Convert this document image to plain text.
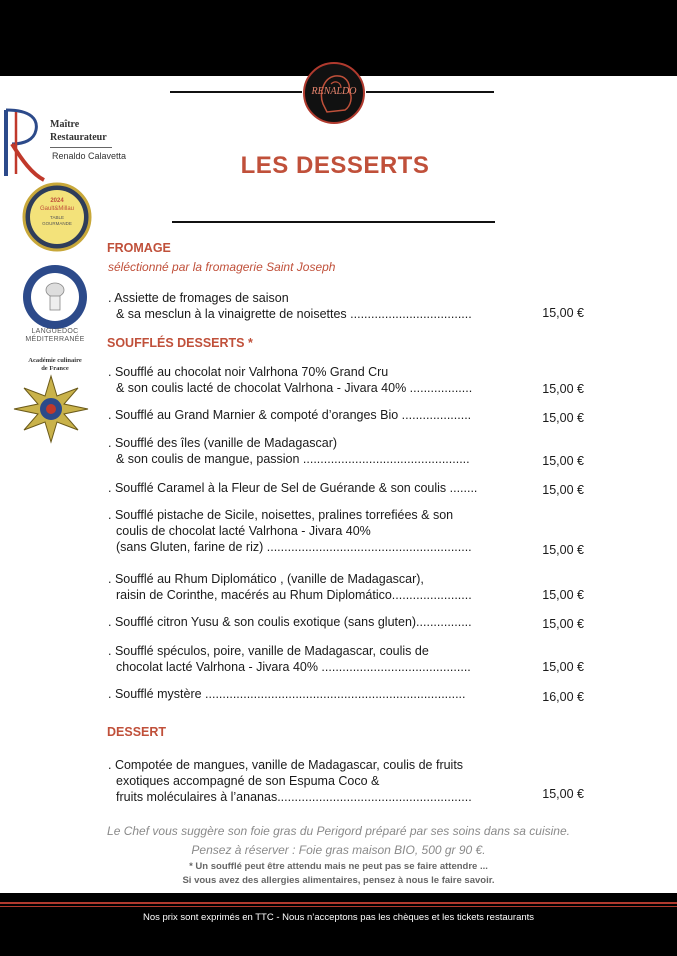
RENALDO
LES DESSERTS
Maître
Restaurateur
Renaldo Calavetta
2024
Gault&Millau
TABLE
GOURMANDE
LANGUEDOC
MÉDITERRANÉE
Académie culinaire
de France
FROMAGE
séléctionné par la fromagerie Saint Joseph
. Assiette de fromages de saison
& sa mesclun à la vinaigrette de noisettes ...................................	15,00 €
SOUFFLÉS DESSERTS *
. Soufflé au chocolat noir Valrhona 70% Grand Cru
& son coulis lacté de chocolat Valrhona - Jivara 40% ..................	15,00 €
. Soufflé au Grand Marnier & compoté d’oranges Bio ....................	15,00 €
. Soufflé des îles (vanille de Madagascar)
& son coulis de mangue, passion ................................................	15,00 €
. Soufflé Caramel à la Fleur de Sel de Guérande & son coulis ........	15,00 €
. Soufflé pistache de Sicile, noisettes, pralines torrefiées & son
coulis de chocolat lacté Valrhona - Jivara 40%
(sans Gluten, farine de riz) ...........................................................	15,00 €
. Soufflé au Rhum Diplomático , (vanille de Madagascar),
raisin de Corinthe, macérés au Rhum Diplomático.......................	15,00 €
. Soufflé citron Yusu & son coulis exotique (sans gluten)................	15,00 €
. Soufflé spéculos, poire, vanille de Madagascar, coulis de
chocolat lacté Valrhona - Jivara 40% ...........................................	15,00 €
. Soufflé mystère ...........................................................................	16,00 €
DESSERT
. Compotée de mangues, vanille de Madagascar, coulis de fruits
exotiques accompagné de son Espuma Coco &
fruits moléculaires à l’ananas........................................................	15,00 €
Le Chef vous suggère son foie gras du Perigord préparé par ses soins dans sa cuisine.
Pensez à réserver : Foie gras maison BIO, 500 gr 90 €.
* Un soufflé peut être attendu mais ne peut pas se faire attendre ...
Si vous avez des allergies alimentaires, pensez à nous le faire savoir.
Nos prix sont exprimés en TTC - Nous n’acceptons pas les chèques et les tickets restaurants
